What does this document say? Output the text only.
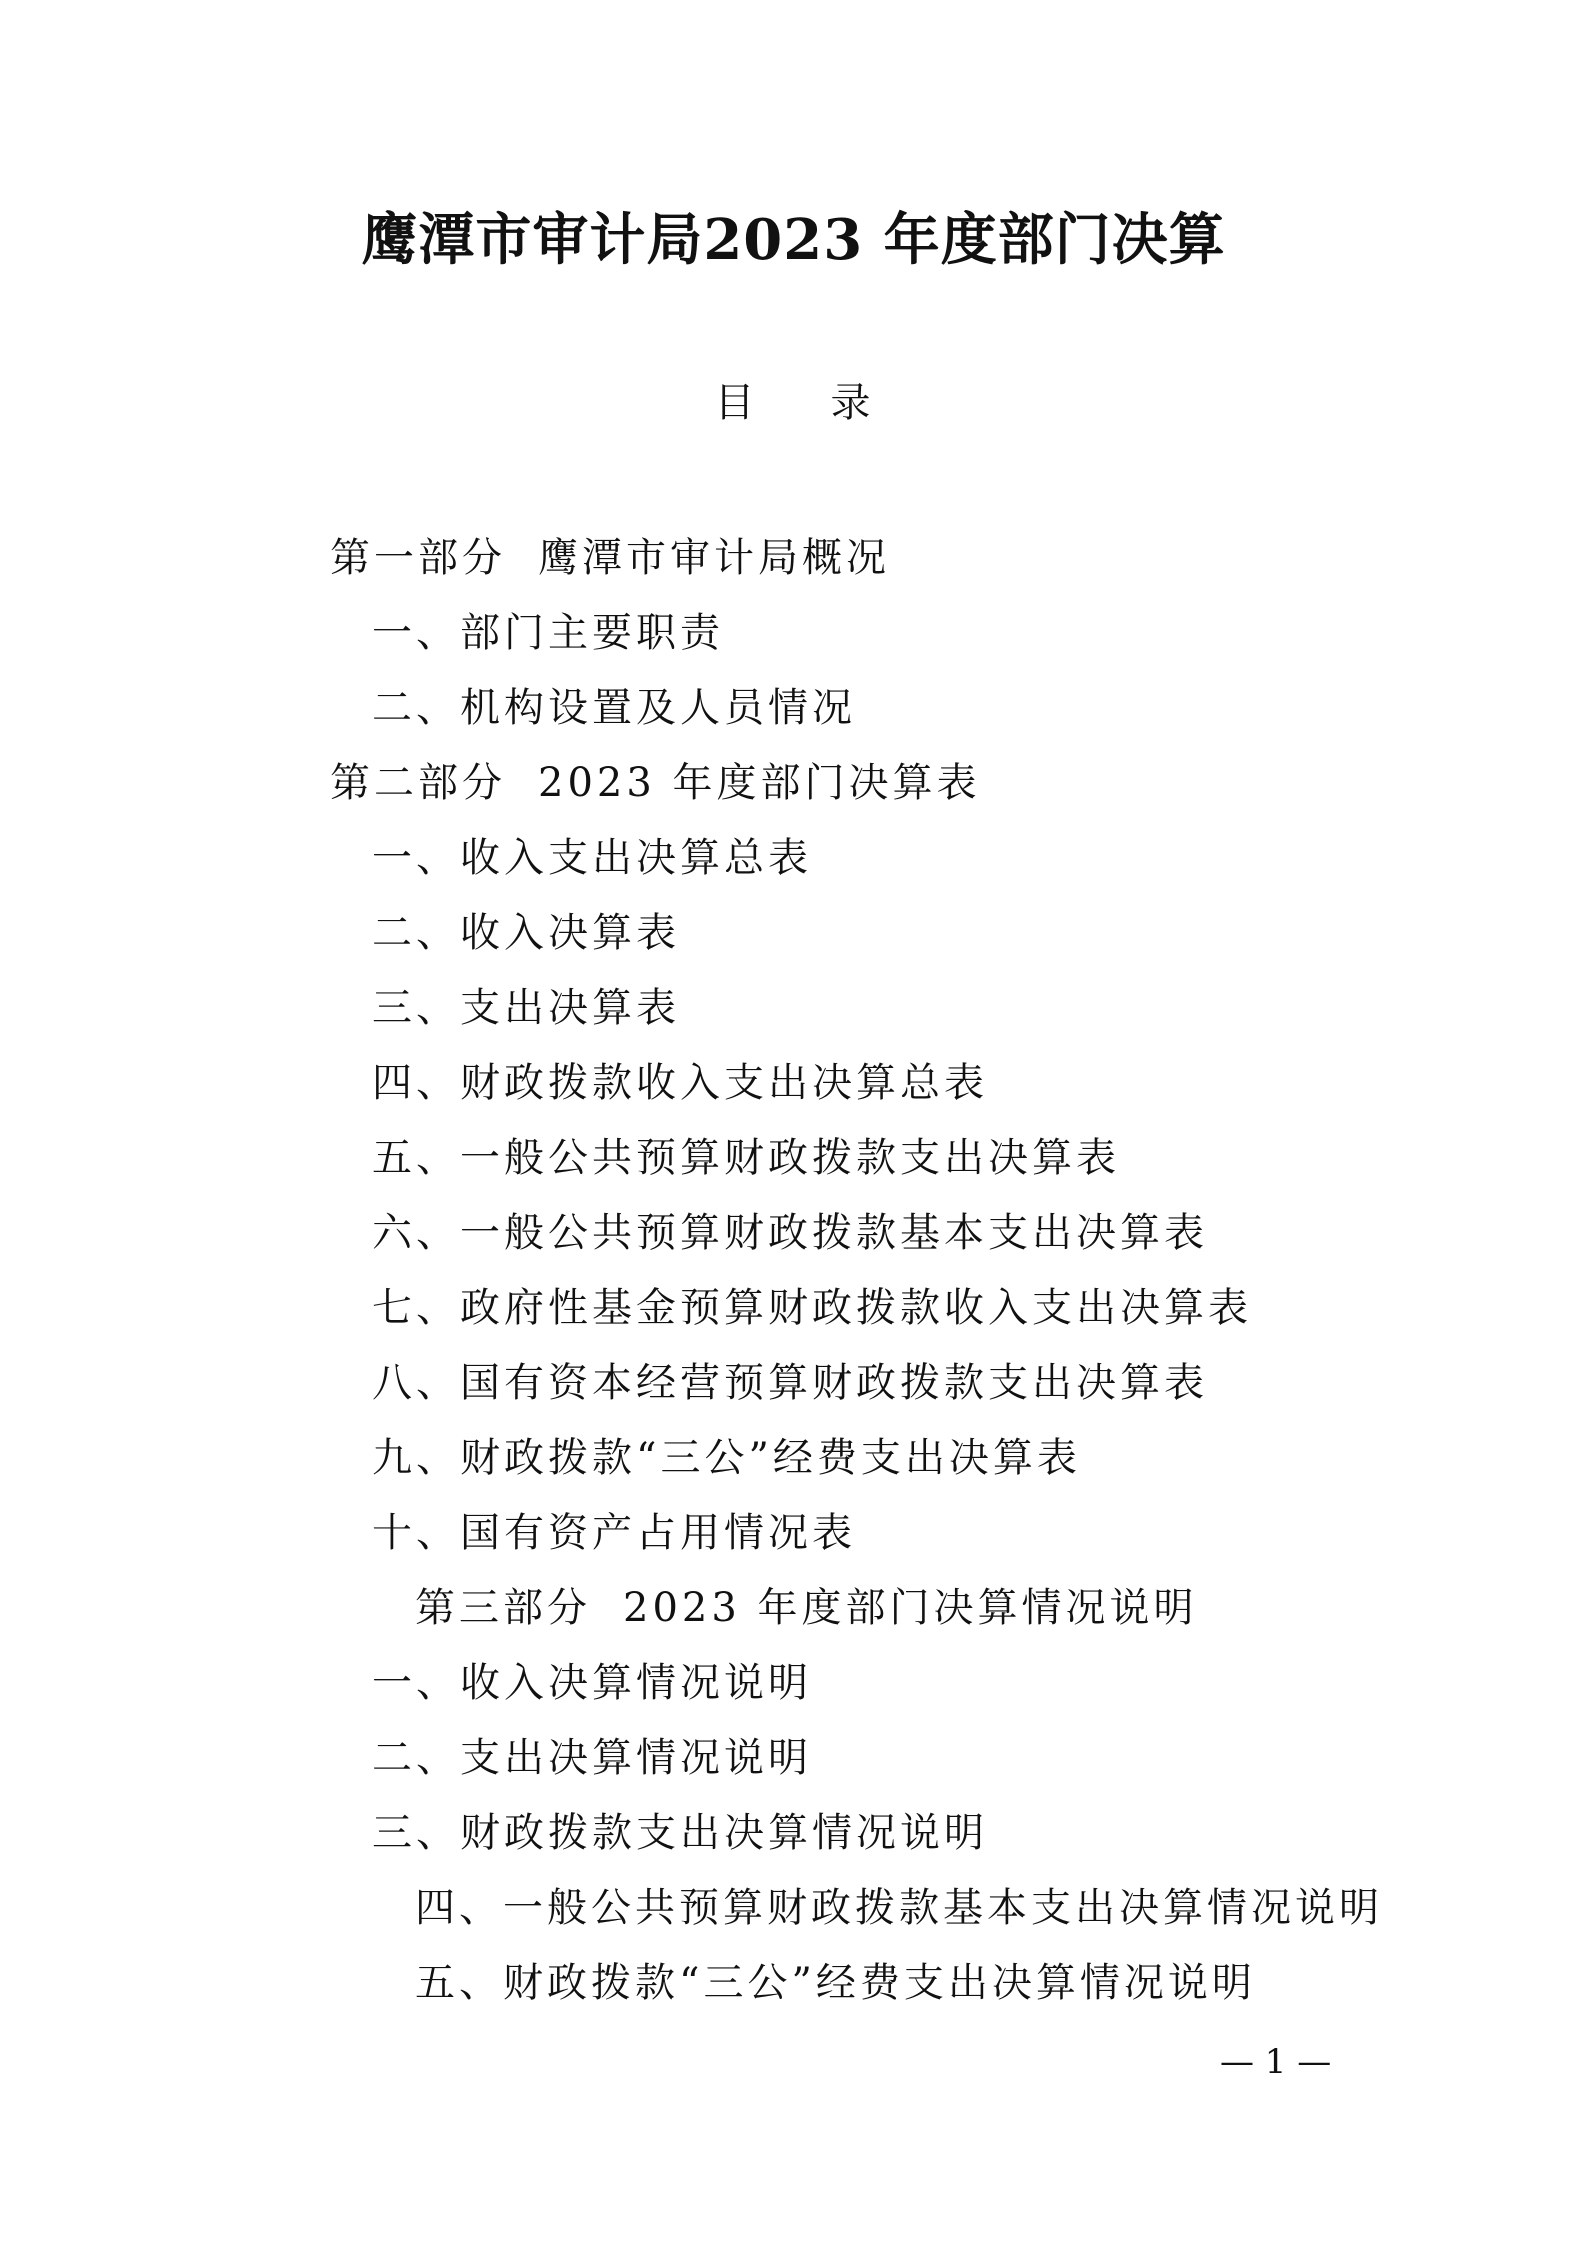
鹰潭市审计局2023 年度部门决算
目 录
第一部分 鹰潭市审计局概况
一、部门主要职责
二、机构设置及人员情况
第二部分 2023 年度部门决算表
一、收入支出决算总表
二、收入决算表
三、支出决算表
四、财政拨款收入支出决算总表
五、一般公共预算财政拨款支出决算表
六、一般公共预算财政拨款基本支出决算表
七、政府性基金预算财政拨款收入支出决算表
八、国有资本经营预算财政拨款支出决算表
九、财政拨款“三公”经费支出决算表
十、国有资产占用情况表
第三部分 2023 年度部门决算情况说明
一、收入决算情况说明
二、支出决算情况说明
三、财政拨款支出决算情况说明
四、一般公共预算财政拨款基本支出决算情况说明
五、财政拨款“三公”经费支出决算情况说明
— 1 —
